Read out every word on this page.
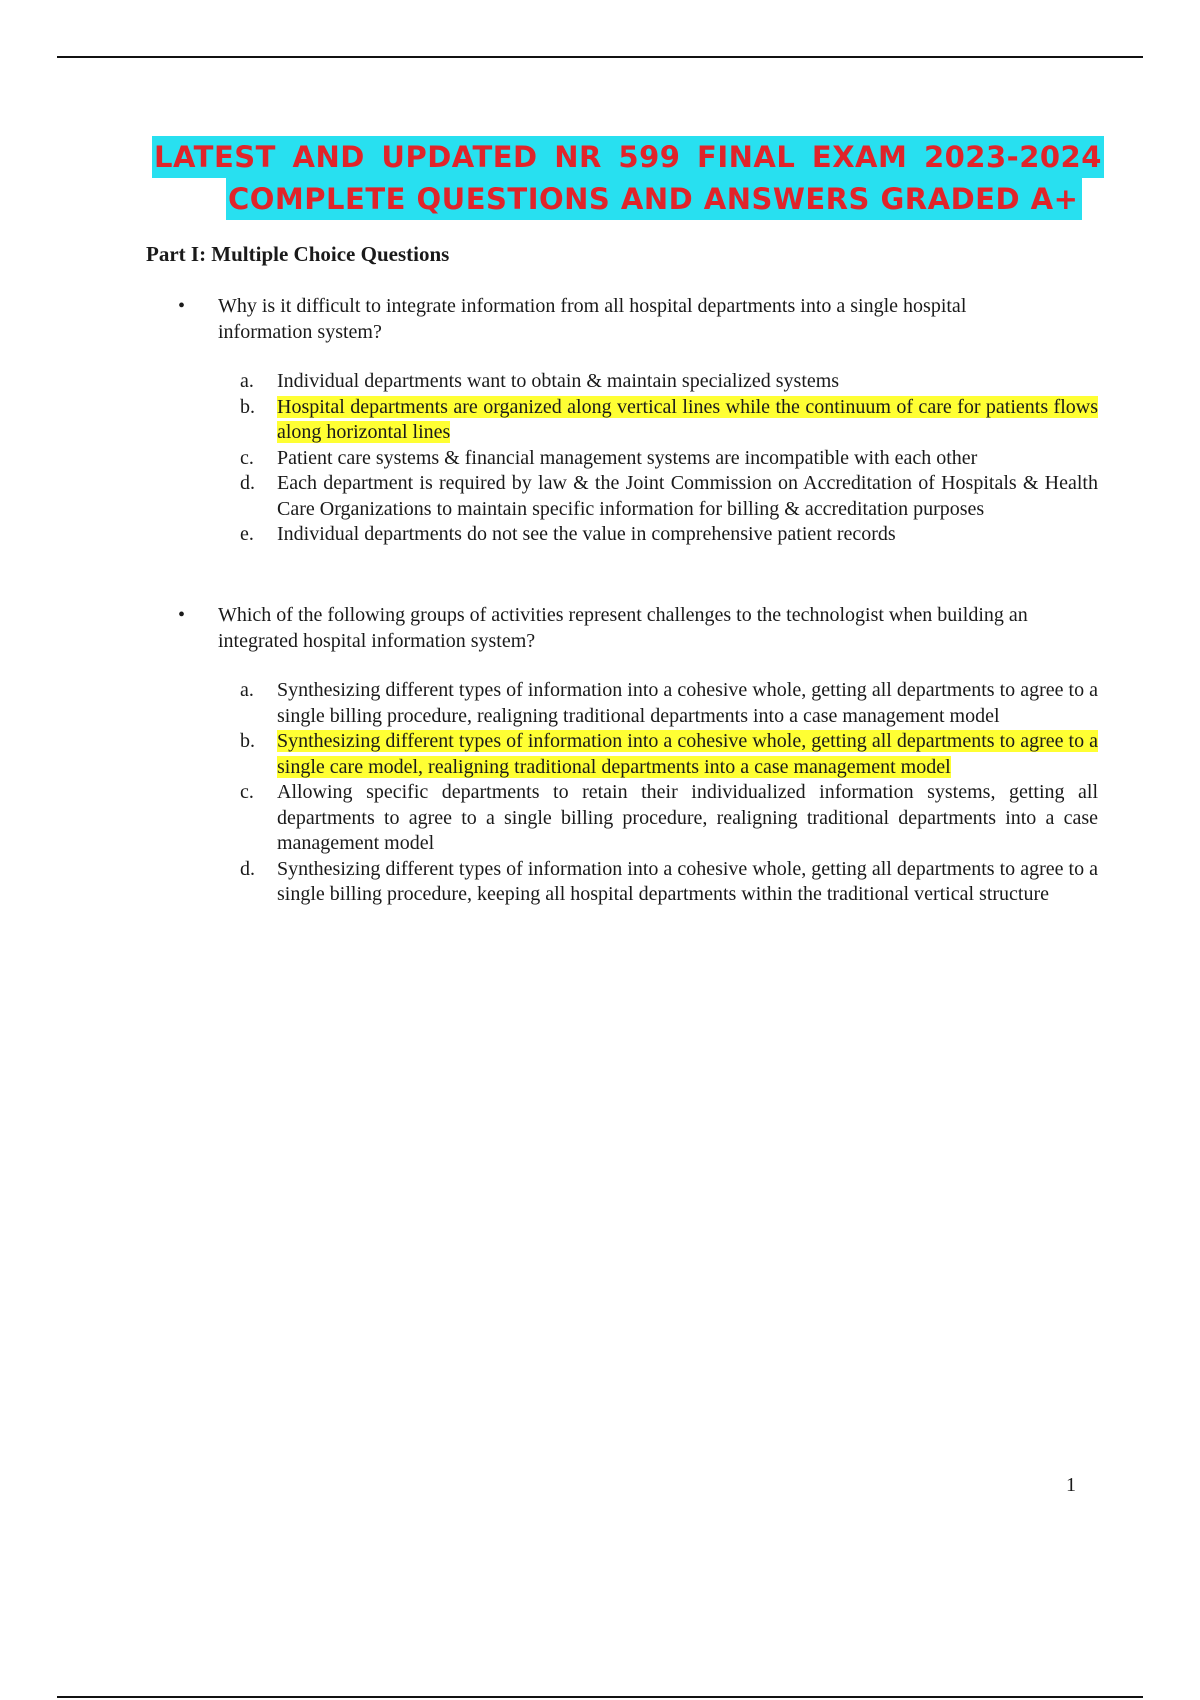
LATEST AND UPDATED NR 599 FINAL EXAM 2023-2024
COMPLETE QUESTIONS AND ANSWERS GRADED A+
Part I: Multiple Choice Questions
•	Why is it difficult to integrate information from all hospital departments into a single hospital information system?
a.	Individual departments want to obtain & maintain specialized systems
b.	Hospital departments are organized along vertical lines while the continuum of care for patients flows along horizontal lines
c.	Patient care systems & financial management systems are incompatible with each other
d.	Each department is required by law & the Joint Commission on Accreditation of Hospitals & Health Care Organizations to maintain specific information for billing & accreditation purposes
e.	Individual departments do not see the value in comprehensive patient records
•	Which of the following groups of activities represent challenges to the technologist when building an integrated hospital information system?
a.	Synthesizing different types of information into a cohesive whole, getting all departments to agree to a single billing procedure, realigning traditional departments into a case management model
b.	Synthesizing different types of information into a cohesive whole, getting all departments to agree to a single care model, realigning traditional departments into a case management model
c.	Allowing specific departments to retain their individualized information systems, getting all departments to agree to a single billing procedure, realigning traditional departments into a case management model
d.	Synthesizing different types of information into a cohesive whole, getting all departments to agree to a single billing procedure, keeping all hospital departments within the traditional vertical structure
1
